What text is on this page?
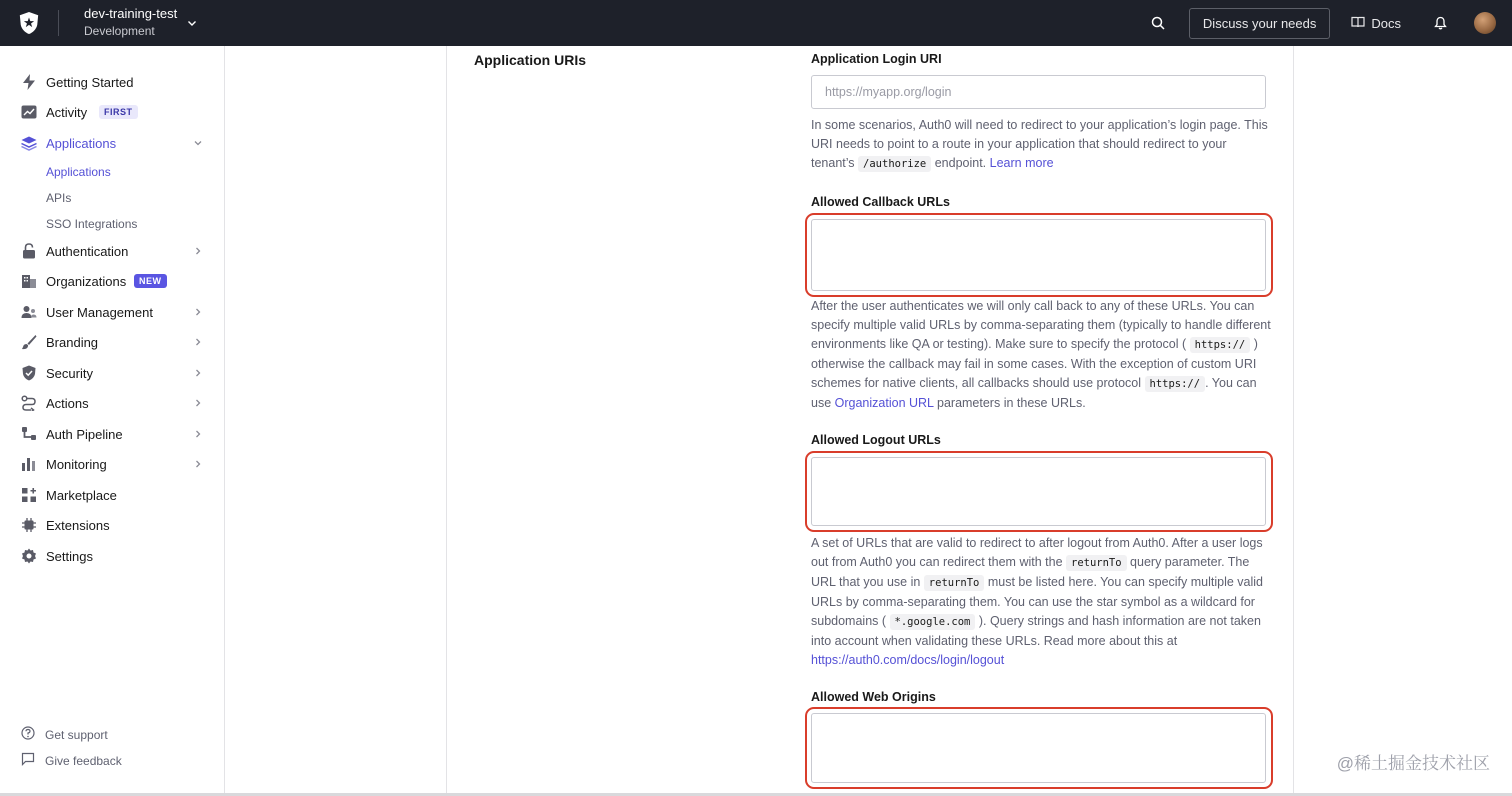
dev-training-test
Development
Discuss your needs	Docs
Getting Started
Activity	FIRST
Applications
Applications
APIs
SSO Integrations
Authentication
Organizations	NEW
User Management
Branding
Security
Actions
Auth Pipeline
Monitoring
Marketplace
Extensions
Settings
Get support
Give feedback
Application URIs	Application Login URI
https://myapp.org/login

In some scenarios, Auth0 will need to redirect to your application’s login page. This URI needs to point to a route in your application that should redirect to your tenant’s /authorize endpoint. Learn more

Allowed Callback URLs

After the user authenticates we will only call back to any of these URLs. You can specify multiple valid URLs by comma-separating them (typically to handle different environments like QA or testing). Make sure to specify the protocol ( https:// ) otherwise the callback may fail in some cases. With the exception of custom URI schemes for native clients, all callbacks should use protocol https:// . You can use Organization URL parameters in these URLs.

Allowed Logout URLs

A set of URLs that are valid to redirect to after logout from Auth0. After a user logs out from Auth0 you can redirect them with the returnTo query parameter. The URL that you use in returnTo must be listed here. You can specify multiple valid URLs by comma-separating them. You can use the star symbol as a wildcard for subdomains ( *.google.com ). Query strings and hash information are not taken into account when validating these URLs. Read more about this at https://auth0.com/docs/login/logout

Allowed Web Origins
@稀土掘金技术社区
